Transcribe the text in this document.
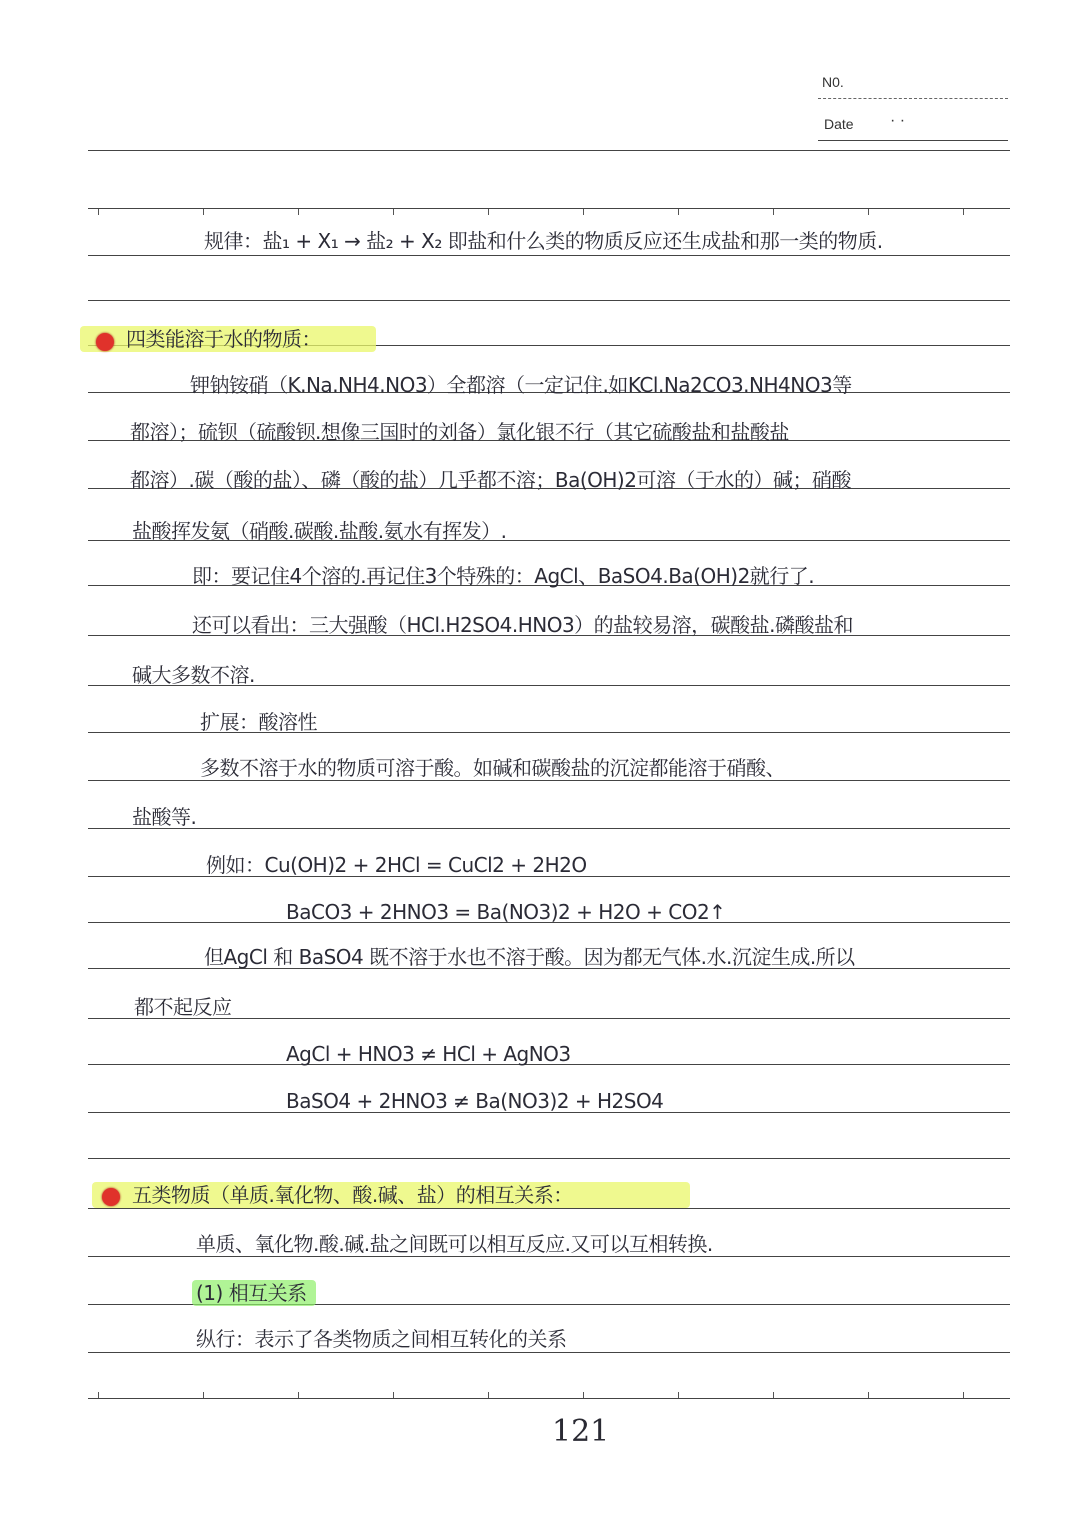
N0.
Date · ·
规律：盐₁ + X₁ → 盐₂ + X₂ 即盐和什么类的物质反应还生成盐和那一类的物质.
四类能溶于水的物质：
钾钠铵硝（K.Na.NH4.NO3）全都溶（一定记住.如KCl.Na2CO3.NH4NO3等
都溶）；硫钡（硫酸钡.想像三国时的刘备）氯化银不行（其它硫酸盐和盐酸盐
都溶）.碳（酸的盐）、磷（酸的盐）几乎都不溶；Ba(OH)2可溶（于水的）碱；硝酸
盐酸挥发氨（硝酸.碳酸.盐酸.氨水有挥发）.
即：要记住4个溶的.再记住3个特殊的：AgCl、BaSO4.Ba(OH)2就行了.
还可以看出：三大强酸（HCl.H2SO4.HNO3）的盐较易溶，碳酸盐.磷酸盐和
碱大多数不溶.
扩展：酸溶性
多数不溶于水的物质可溶于酸。如碱和碳酸盐的沉淀都能溶于硝酸、
盐酸等.
例如：Cu(OH)2 + 2HCl = CuCl2 + 2H2O
BaCO3 + 2HNO3 = Ba(NO3)2 + H2O + CO2↑
但AgCl 和 BaSO4 既不溶于水也不溶于酸。因为都无气体.水.沉淀生成.所以
都不起反应
AgCl + HNO3 ≠ HCl + AgNO3
BaSO4 + 2HNO3 ≠ Ba(NO3)2 + H2SO4
五类物质（单质.氧化物、酸.碱、盐）的相互关系：
单质、氧化物.酸.碱.盐之间既可以相互反应.又可以互相转换.
(1) 相互关系
纵行：表示了各类物质之间相互转化的关系
121
